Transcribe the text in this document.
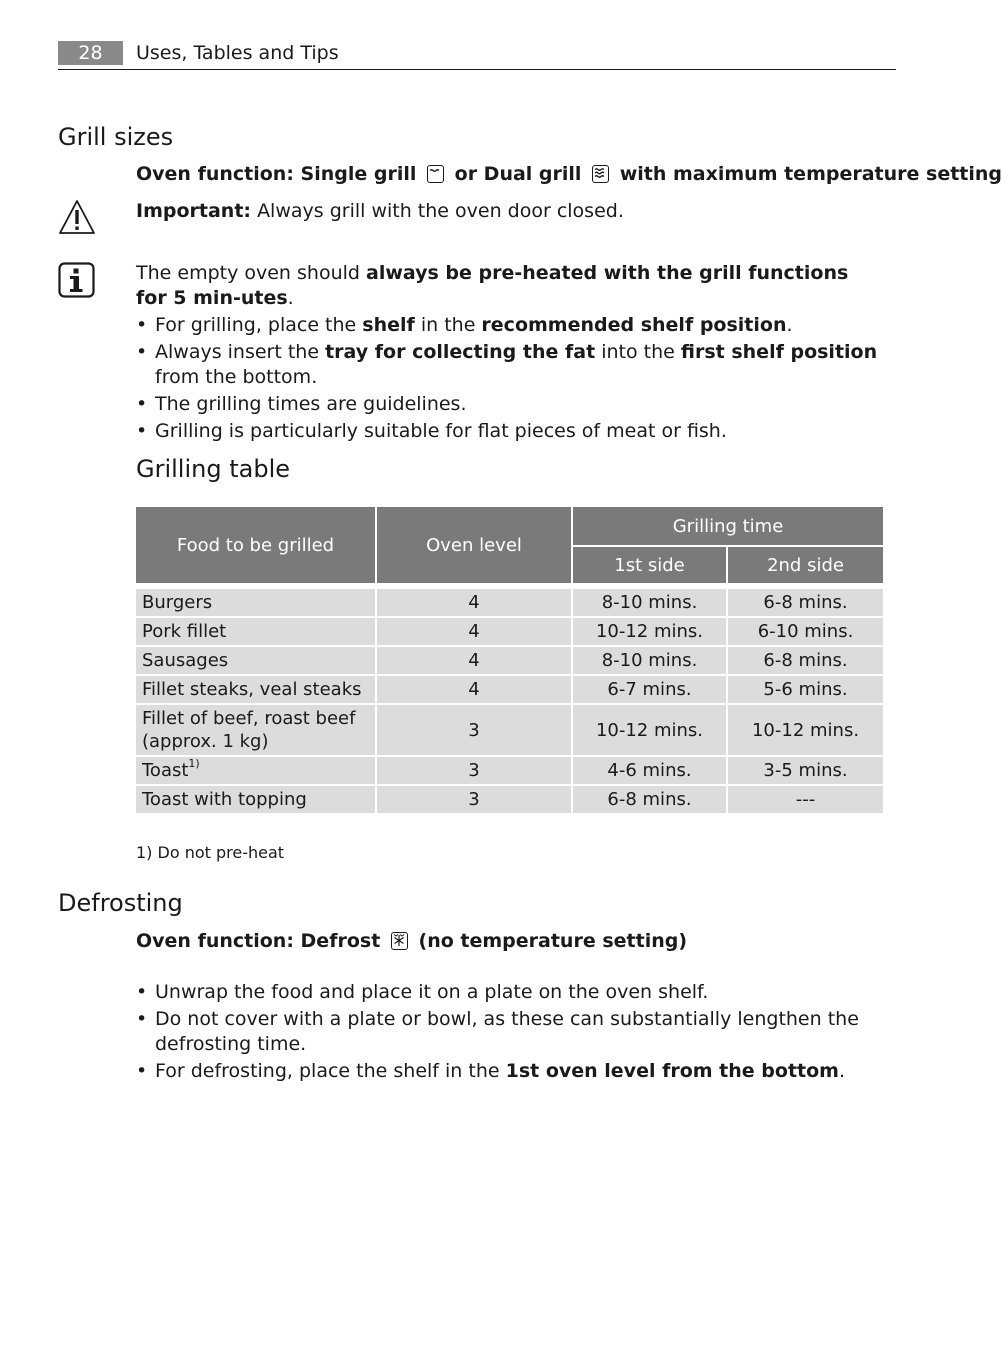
28	Uses, Tables and Tips
Grill sizes
Oven function: Single grill or Dual grill with maximum temperature setting
Important: Always grill with the oven door closed.
The empty oven should always be pre-heated with the grill functions for 5 min-utes.
• For grilling, place the shelf in the recommended shelf position.
• Always insert the tray for collecting the fat into the first shelf position from the bottom.
• The grilling times are guidelines.
• Grilling is particularly suitable for flat pieces of meat or fish.
Grilling table
Food to be grilled	Oven level	Grilling time	
		1st side	2nd side
Burgers	4	8-10 mins.	6-8 mins.
Pork fillet	4	10-12 mins.	6-10 mins.
Sausages	4	8-10 mins.	6-8 mins.
Fillet steaks, veal steaks	4	6-7 mins.	5-6 mins.
Fillet of beef, roast beef (approx. 1 kg)	3	10-12 mins.	10-12 mins.
Toast$^{1)}$	3	4-6 mins.	3-5 mins.
Toast with topping	3	6-8 mins.	---
1) Do not pre-heat
Defrosting
Oven function: Defrost (no temperature setting)
• Unwrap the food and place it on a plate on the oven shelf.
• Do not cover with a plate or bowl, as these can substantially lengthen the defrosting time.
• For defrosting, place the shelf in the 1st oven level from the bottom.
